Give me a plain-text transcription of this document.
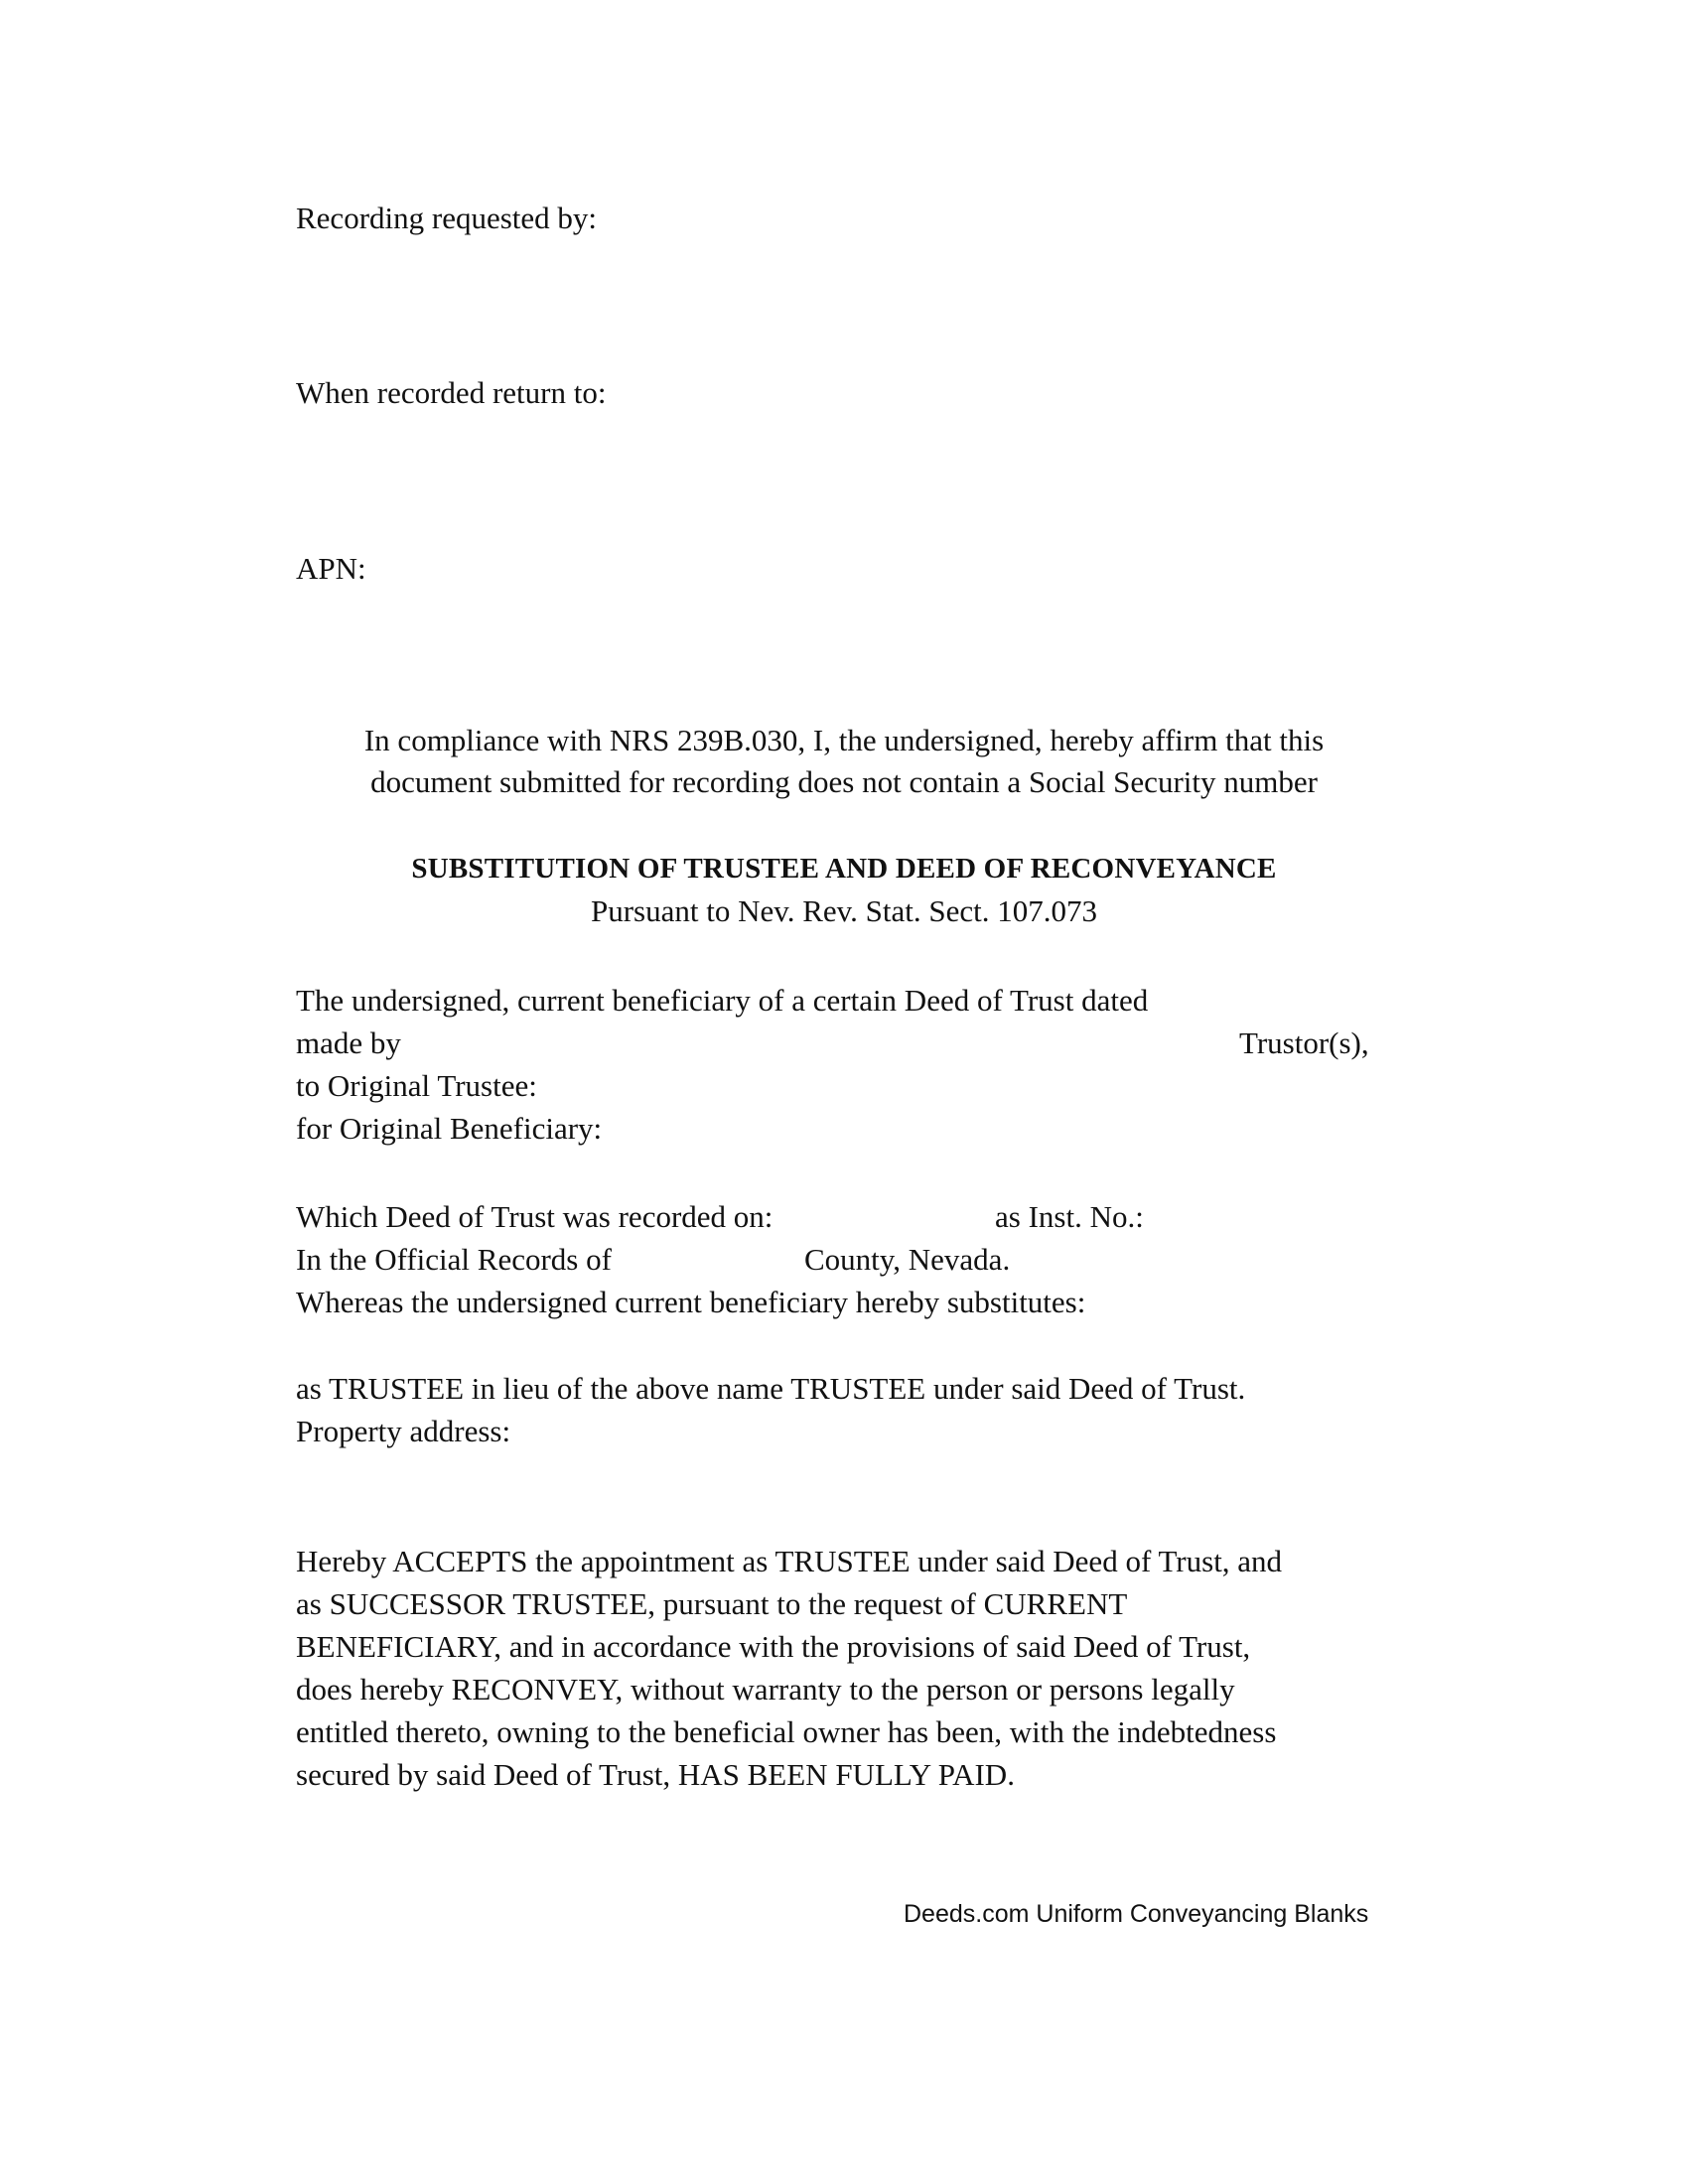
Recording requested by:
When recorded return to:
APN:
In compliance with NRS 239B.030, I, the undersigned, hereby affirm that this
document submitted for recording does not contain a Social Security number
SUBSTITUTION OF TRUSTEE AND DEED OF RECONVEYANCE
Pursuant to Nev. Rev. Stat. Sect. 107.073
The undersigned, current beneficiary of a certain Deed of Trust dated
made by	Trustor(s),
to Original Trustee:
for Original Beneficiary:
Which Deed of Trust was recorded on:	as Inst. No.:
In the Official Records of	County, Nevada.
Whereas the undersigned current beneficiary hereby substitutes:
as TRUSTEE in lieu of the above name TRUSTEE under said Deed of Trust.
Property address:
Hereby ACCEPTS the appointment as TRUSTEE under said Deed of Trust, and
as SUCCESSOR TRUSTEE, pursuant to the request of CURRENT
BENEFICIARY, and in accordance with the provisions of said Deed of Trust,
does hereby RECONVEY, without warranty to the person or persons legally
entitled thereto, owning to the beneficial owner has been, with the indebtedness
secured by said Deed of Trust, HAS BEEN FULLY PAID.
Deeds.com Uniform Conveyancing Blanks
